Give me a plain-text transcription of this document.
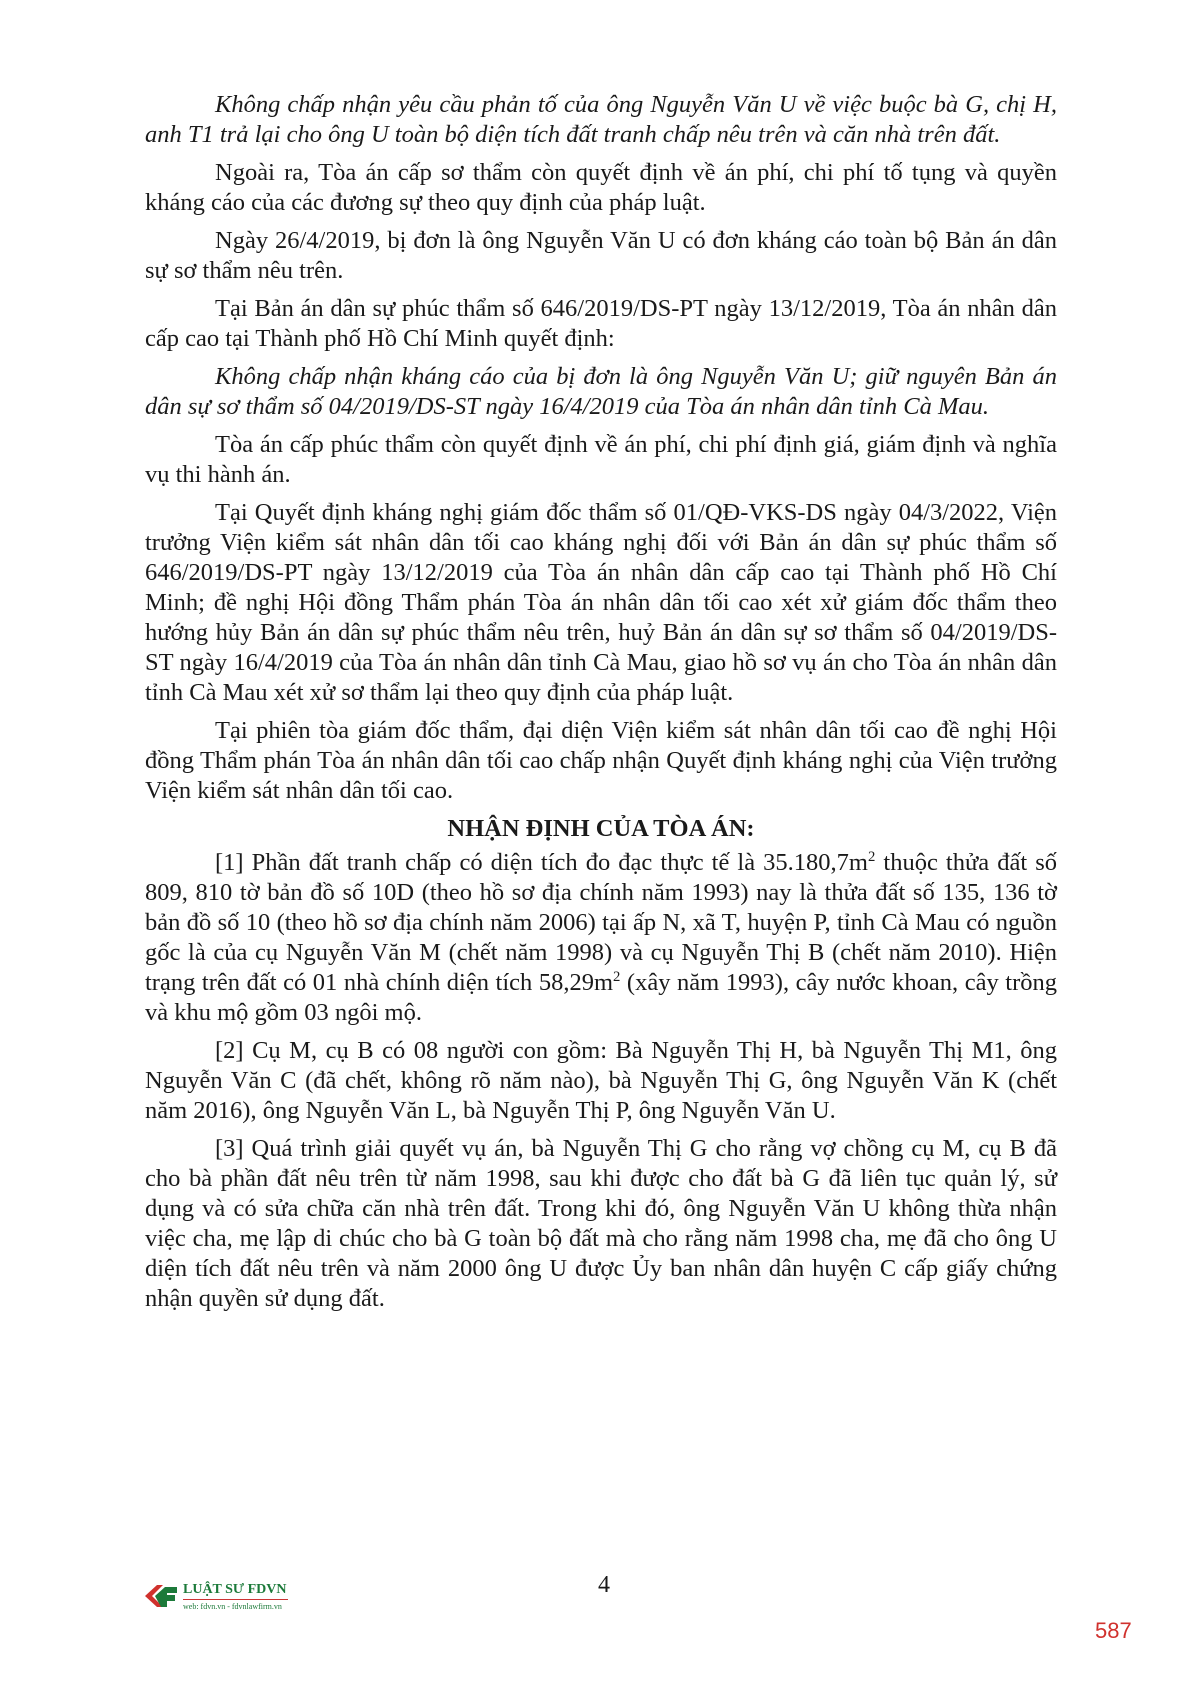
Không chấp nhận yêu cầu phản tố của ông Nguyễn Văn U về việc buộc bà G, chị H, anh T1 trả lại cho ông U toàn bộ diện tích đất tranh chấp nêu trên và căn nhà trên đất.

Ngoài ra, Tòa án cấp sơ thẩm còn quyết định về án phí, chi phí tố tụng và quyền kháng cáo của các đương sự theo quy định của pháp luật.

Ngày 26/4/2019, bị đơn là ông Nguyễn Văn U có đơn kháng cáo toàn bộ Bản án dân sự sơ thẩm nêu trên.

Tại Bản án dân sự phúc thẩm số 646/2019/DS-PT ngày 13/12/2019, Tòa án nhân dân cấp cao tại Thành phố Hồ Chí Minh quyết định:

Không chấp nhận kháng cáo của bị đơn là ông Nguyễn Văn U; giữ nguyên Bản án dân sự sơ thẩm số 04/2019/DS-ST ngày 16/4/2019 của Tòa án nhân dân tỉnh Cà Mau.

Tòa án cấp phúc thẩm còn quyết định về án phí, chi phí định giá, giám định và nghĩa vụ thi hành án.

Tại Quyết định kháng nghị giám đốc thẩm số 01/QĐ-VKS-DS ngày 04/3/2022, Viện trưởng Viện kiểm sát nhân dân tối cao kháng nghị đối với Bản án dân sự phúc thẩm số 646/2019/DS-PT ngày 13/12/2019 của Tòa án nhân dân cấp cao tại Thành phố Hồ Chí Minh; đề nghị Hội đồng Thẩm phán Tòa án nhân dân tối cao xét xử giám đốc thẩm theo hướng hủy Bản án dân sự phúc thẩm nêu trên, huỷ Bản án dân sự sơ thẩm số 04/2019/DS-ST ngày 16/4/2019 của Tòa án nhân dân tỉnh Cà Mau, giao hồ sơ vụ án cho Tòa án nhân dân tỉnh Cà Mau xét xử sơ thẩm lại theo quy định của pháp luật.

Tại phiên tòa giám đốc thẩm, đại diện Viện kiểm sát nhân dân tối cao đề nghị Hội đồng Thẩm phán Tòa án nhân dân tối cao chấp nhận Quyết định kháng nghị của Viện trưởng Viện kiểm sát nhân dân tối cao.

NHẬN ĐỊNH CỦA TÒA ÁN:

[1] Phần đất tranh chấp có diện tích đo đạc thực tế là $35.180,7m^2$ thuộc thửa đất số 809, 810 tờ bản đồ số 10D (theo hồ sơ địa chính năm 1993) nay là thửa đất số 135, 136 tờ bản đồ số 10 (theo hồ sơ địa chính năm 2006) tại ấp N, xã T, huyện P, tỉnh Cà Mau có nguồn gốc là của cụ Nguyễn Văn M (chết năm 1998) và cụ Nguyễn Thị B (chết năm 2010). Hiện trạng trên đất có 01 nhà chính diện tích $58,29m^2$ (xây năm 1993), cây nước khoan, cây trồng và khu mộ gồm 03 ngôi mộ.

[2] Cụ M, cụ B có 08 người con gồm: Bà Nguyễn Thị H, bà Nguyễn Thị M1, ông Nguyễn Văn C (đã chết, không rõ năm nào), bà Nguyễn Thị G, ông Nguyễn Văn K (chết năm 2016), ông Nguyễn Văn L, bà Nguyễn Thị P, ông Nguyễn Văn U.

[3] Quá trình giải quyết vụ án, bà Nguyễn Thị G cho rằng vợ chồng cụ M, cụ B đã cho bà phần đất nêu trên từ năm 1998, sau khi được cho đất bà G đã liên tục quản lý, sử dụng và có sửa chữa căn nhà trên đất. Trong khi đó, ông Nguyễn Văn U không thừa nhận việc cha, mẹ lập di chúc cho bà G toàn bộ đất mà cho rằng năm 1998 cha, mẹ đã cho ông U diện tích đất nêu trên và năm 2000 ông U được Ủy ban nhân dân huyện C cấp giấy chứng nhận quyền sử dụng đất.

LUẬT SƯ FDVN
web: fdvn.vn - fdvnlawfirm.vn
4
587
